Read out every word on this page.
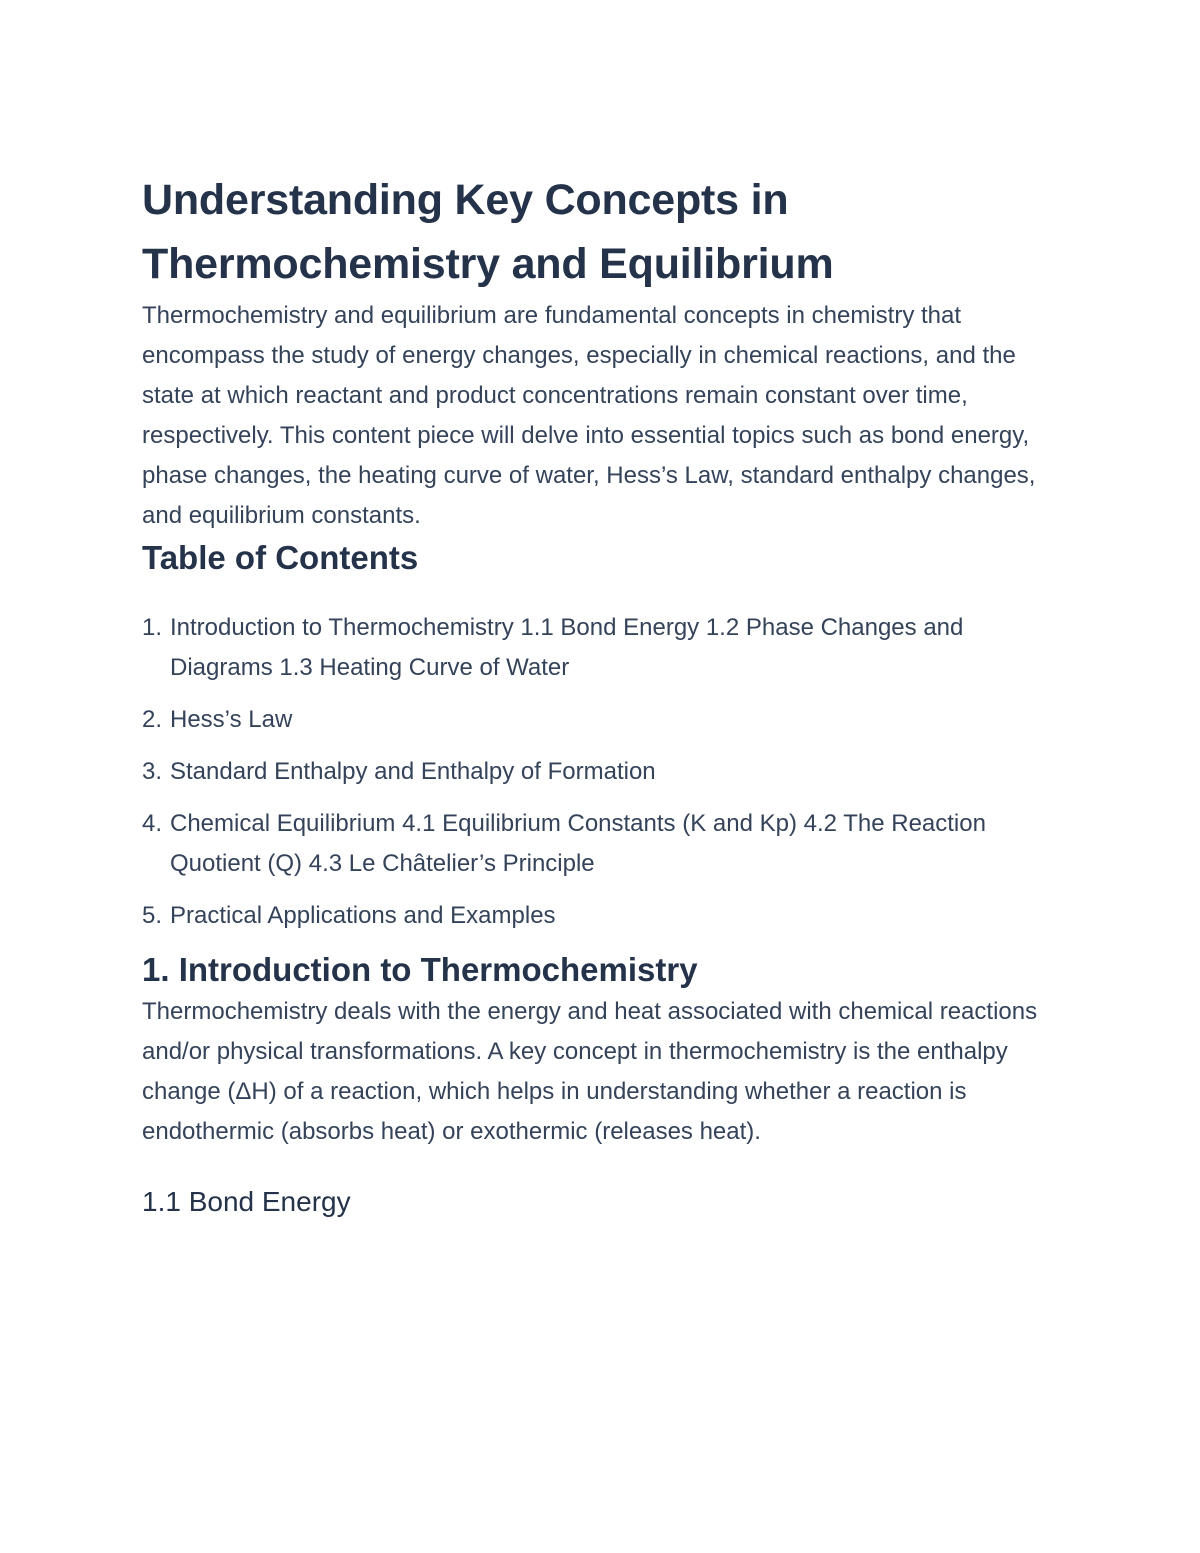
Understanding Key Concepts in Thermochemistry and Equilibrium

Thermochemistry and equilibrium are fundamental concepts in chemistry that encompass the study of energy changes, especially in chemical reactions, and the state at which reactant and product concentrations remain constant over time, respectively. This content piece will delve into essential topics such as bond energy, phase changes, the heating curve of water, Hess’s Law, standard enthalpy changes, and equilibrium constants.

Table of Contents
1. Introduction to Thermochemistry 1.1 Bond Energy 1.2 Phase Changes and Diagrams 1.3 Heating Curve of Water
2. Hess’s Law
3. Standard Enthalpy and Enthalpy of Formation
4. Chemical Equilibrium 4.1 Equilibrium Constants (K and Kp) 4.2 The Reaction Quotient (Q) 4.3 Le Châtelier’s Principle
5. Practical Applications and Examples
1. Introduction to Thermochemistry

Thermochemistry deals with the energy and heat associated with chemical reactions and/or physical transformations. A key concept in thermochemistry is the enthalpy change (ΔH) of a reaction, which helps in understanding whether a reaction is endothermic (absorbs heat) or exothermic (releases heat).

1.1 Bond Energy
